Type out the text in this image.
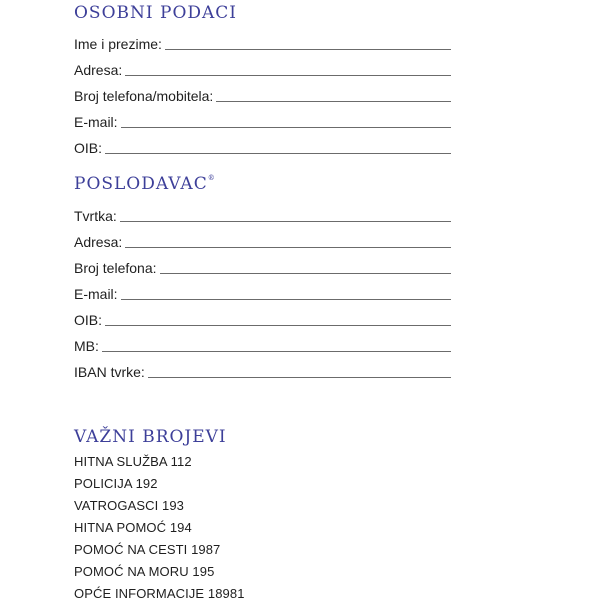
OSOBNI PODACI
Ime i prezime:
Adresa:
Broj telefona/mobitela:
E-mail:
OIB:
POSLODAVAC®
Tvrtka:
Adresa:
Broj telefona:
E-mail:
OIB:
MB:
IBAN tvrke:
VAŽNI BROJEVI
HITNA SLUŽBA 112
POLICIJA 192
VATROGASCI 193
HITNA POMOĆ 194
POMOĆ NA CESTI 1987
POMOĆ NA MORU 195
OPĆE INFORMACIJE 18981
